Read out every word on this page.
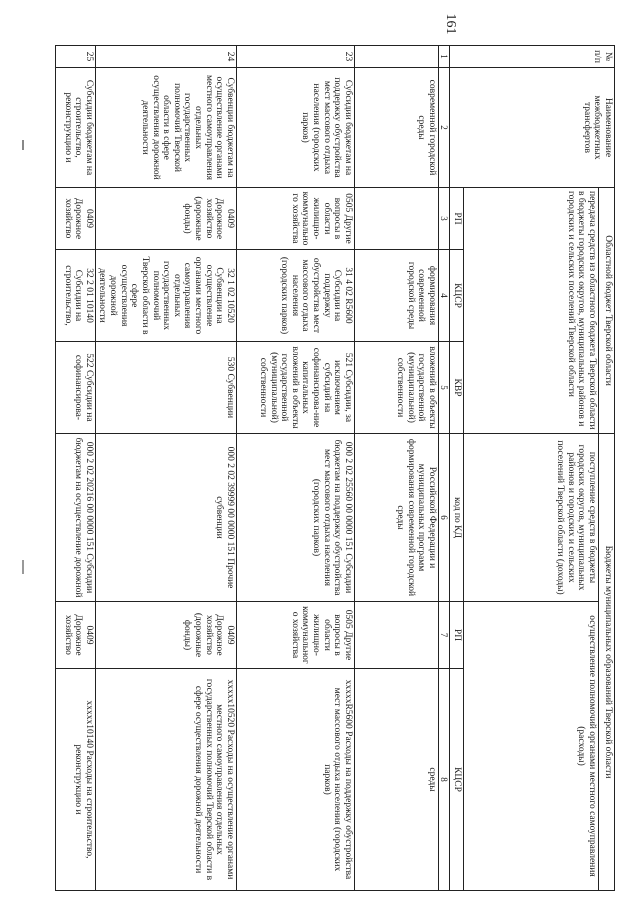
161
№ п/п	Наименование межбюджетных трансфертов	Областной бюджет Тверской области			Бюджеты муниципальных образований Тверской области		
		передача средств из областного бюджета Тверской области в бюджеты городских округов, муниципальных районов и городских и сельских поселений Тверской области			поступление средств в бюджеты городских округов, муниципальных районов и городских и сельских поселений Тверской области (доходы)	осуществление полномочий органами местного самоуправления (расходы)	
		РП	КЦСР	КВР	код по КД	РП	КЦСР
1	2	3	4	5	6	7	8
	современной городской среды		формирования современной городской среды	вложений в объекты государственной (муниципальной) собственности	Российской Федерации и муниципальных программ формирования современной городской среды		среды
23	Субсидии бюджетам на поддержку обустройства мест массового отдыха населения (городских парков)	0505 Другие вопросы в области жилищно-коммунального хозяйства	31 4 02 R5600 Субсидии на поддержку обустройства мест массового отдыха населения (городских парков)	521 Субсидии, за исключением субсидий на софинансирова-ние капитальных вложений в объекты государственной (муниципальной) собственности	000 2 02 25560 00 0000 151 Субсидии бюджетам на поддержку обустройства мест массового отдыха населения (городских парков)	0505 Другие вопросы в области жилищно-коммунального хозяйства	xxxxxR5600 Расходы на поддержку обустройства мест массового отдыха населения (городских парков)
24	Субвенции бюджетам на осуществление органами местного самоуправления отдельных государственных полномочий Тверской области в сфере осуществления дорожной деятельности	0409 Дорожное хозяйство (дорожные фонды)	32 1 02 10520 Субвенции на осуществление органами местного самоуправления отдельных государственных полномочий Тверской области в сфере осуществления дорожной деятельности	530 Субвенции	000 2 02 39999 00 0000 151 Прочие субвенции	0409 Дорожное хозяйство (дорожные фонды)	xxxxx10520 Расходы на осуществление органами местного самоуправления отдельных государственных полномочий Тверской области в сфере осуществления дорожной деятельности
25	Субсидии бюджетам на строительство, реконструкцию и	0409 Дорожное хозяйство	32 2 01 10140 Субсидии на строительство,	522 Субсидии на софинансирова-	000 2 02 20216 00 0000 151 Субсидии бюджетам на осуществление дорожной	0409 Дорожное хозяйство	xxxxx10140 Расходы на строительство, реконструкцию и
